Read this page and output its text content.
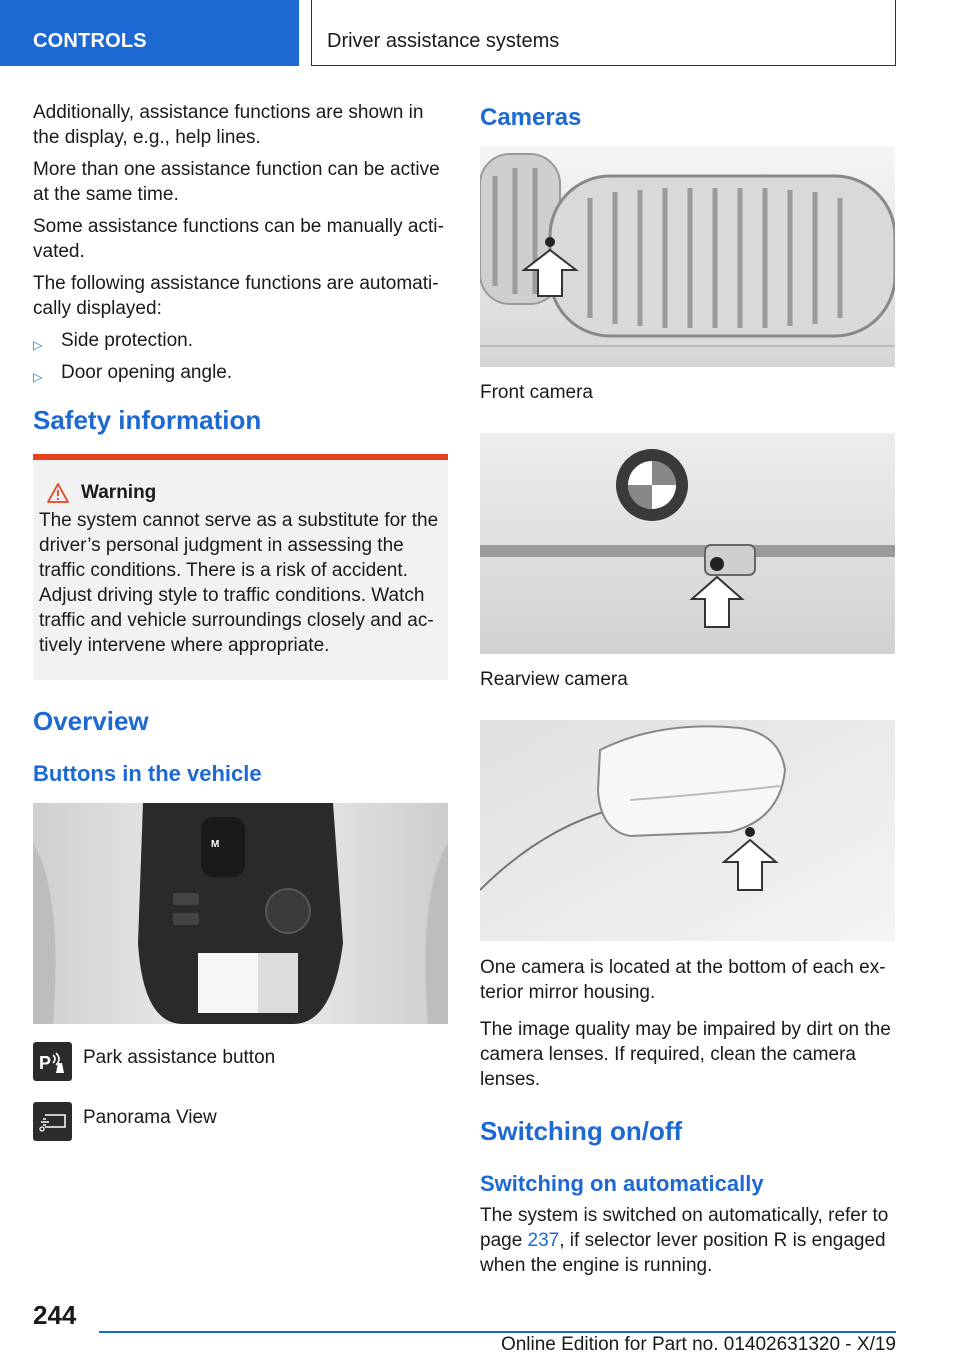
CONTROLS	Driver assistance systems

Additionally, assistance functions are shown in the display, e.g., help lines.

More than one assistance function can be active at the same time.

Some assistance functions can be manually acti-vated.

The following assistance functions are automati-cally displayed:

▷ Side protection.
▷ Door opening angle.
Safety information
Warning

The system cannot serve as a substitute for the driver’s personal judgment in assessing the traffic conditions. There is a risk of accident. Adjust driving style to traffic conditions. Watch traffic and vehicle surroundings closely and ac-tively intervene where appropriate.

Overview
Buttons in the vehicle
M
P Park assistance button
Panorama View
Cameras
Front camera
Rearview camera

One camera is located at the bottom of each ex-terior mirror housing.

The image quality may be impaired by dirt on the camera lenses. If required, clean the camera lenses.

Switching on/off
Switching on automatically

The system is switched on automatically, refer to page 237, if selector lever position R is engaged when the engine is running.

244
Online Edition for Part no. 01402631320 - X/19
